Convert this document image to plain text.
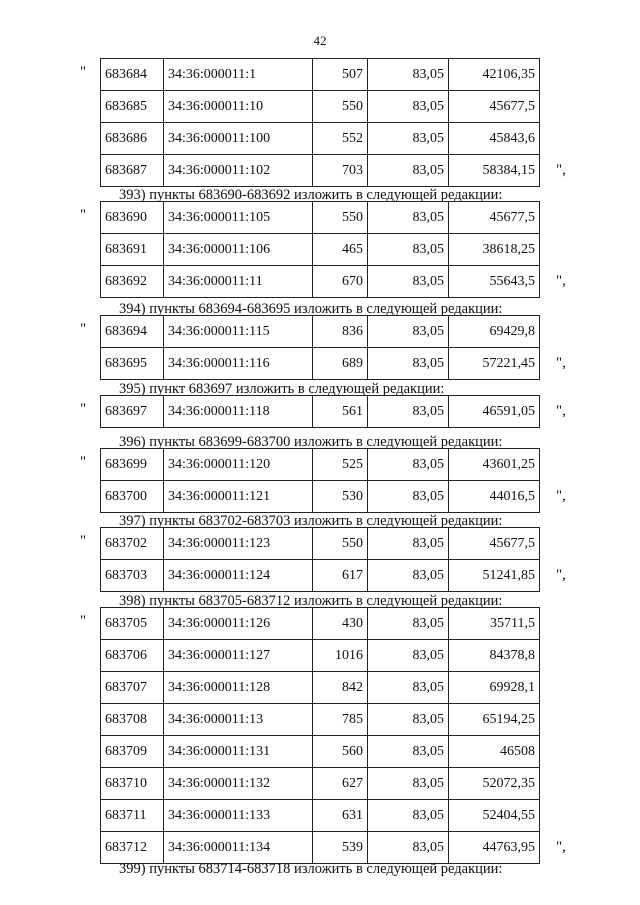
42
683684	34:36:000011:1	507	83,05	42106,35
683685	34:36:000011:10	550	83,05	45677,5
683686	34:36:000011:100	552	83,05	45843,6
683687	34:36:000011:102	703	83,05	58384,15
"
",
393) пункты 683690-683692 изложить в следующей редакции:
683690	34:36:000011:105	550	83,05	45677,5
683691	34:36:000011:106	465	83,05	38618,25
683692	34:36:000011:11	670	83,05	55643,5
"
",
394) пункты 683694-683695 изложить в следующей редакции:
683694	34:36:000011:115	836	83,05	69429,8
683695	34:36:000011:116	689	83,05	57221,45
"
",
395) пункт 683697 изложить в следующей редакции:
683697	34:36:000011:118	561	83,05	46591,05
"	",
396) пункты 683699-683700 изложить в следующей редакции:
683699	34:36:000011:120	525	83,05	43601,25
683700	34:36:000011:121	530	83,05	44016,5
"
",
397) пункты 683702-683703 изложить в следующей редакции:
683702	34:36:000011:123	550	83,05	45677,5
683703	34:36:000011:124	617	83,05	51241,85
"
",
398) пункты 683705-683712 изложить в следующей редакции:
683705	34:36:000011:126	430	83,05	35711,5
683706	34:36:000011:127	1016	83,05	84378,8
683707	34:36:000011:128	842	83,05	69928,1
683708	34:36:000011:13	785	83,05	65194,25
683709	34:36:000011:131	560	83,05	46508
683710	34:36:000011:132	627	83,05	52072,35
683711	34:36:000011:133	631	83,05	52404,55
683712	34:36:000011:134	539	83,05	44763,95
"
",
399) пункты 683714-683718 изложить в следующей редакции:
